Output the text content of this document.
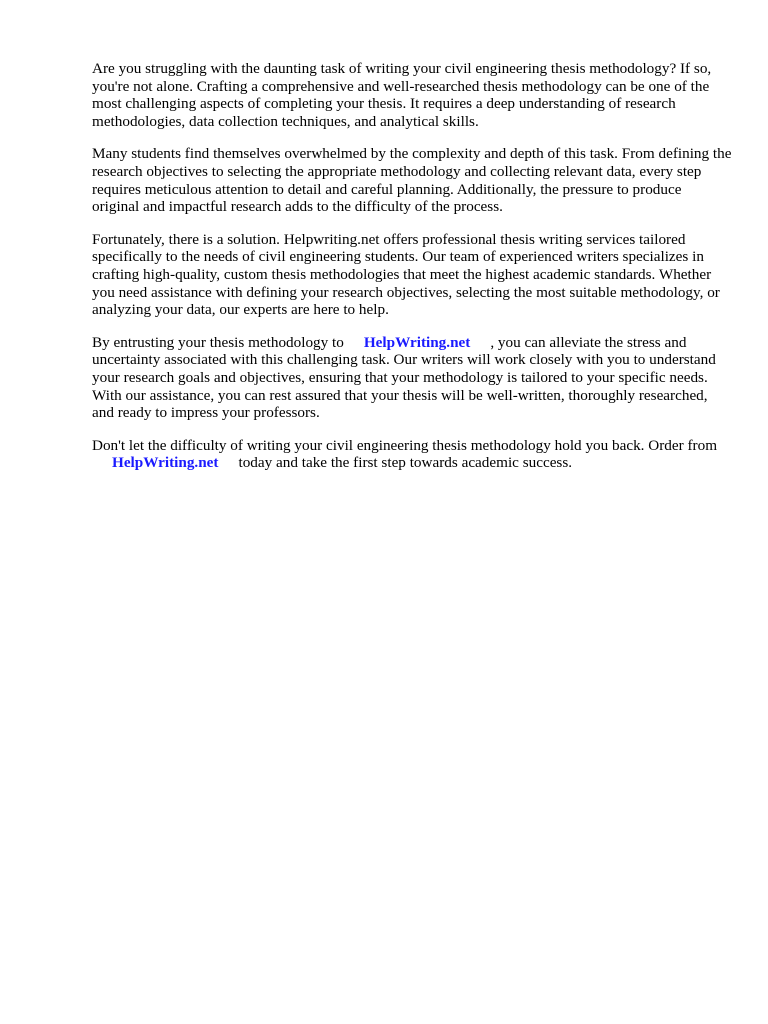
Are you struggling with the daunting task of writing your civil engineering thesis methodology? If so, you're not alone. Crafting a comprehensive and well-researched thesis methodology can be one of the most challenging aspects of completing your thesis. It requires a deep understanding of research methodologies, data collection techniques, and analytical skills.

Many students find themselves overwhelmed by the complexity and depth of this task. From defining the research objectives to selecting the appropriate methodology and collecting relevant data, every step requires meticulous attention to detail and careful planning. Additionally, the pressure to produce original and impactful research adds to the difficulty of the process.

Fortunately, there is a solution. Helpwriting.net offers professional thesis writing services tailored specifically to the needs of civil engineering students. Our team of experienced writers specializes in crafting high-quality, custom thesis methodologies that meet the highest academic standards. Whether you need assistance with defining your research objectives, selecting the most suitable methodology, or analyzing your data, our experts are here to help.

By entrusting your thesis methodology to HelpWriting.net , you can alleviate the stress and uncertainty associated with this challenging task. Our writers will work closely with you to understand your research goals and objectives, ensuring that your methodology is tailored to your specific needs. With our assistance, you can rest assured that your thesis will be well-written, thoroughly researched, and ready to impress your professors.

Don't let the difficulty of writing your civil engineering thesis methodology hold you back. Order fromHelpWriting.net today and take the first step towards academic success.
